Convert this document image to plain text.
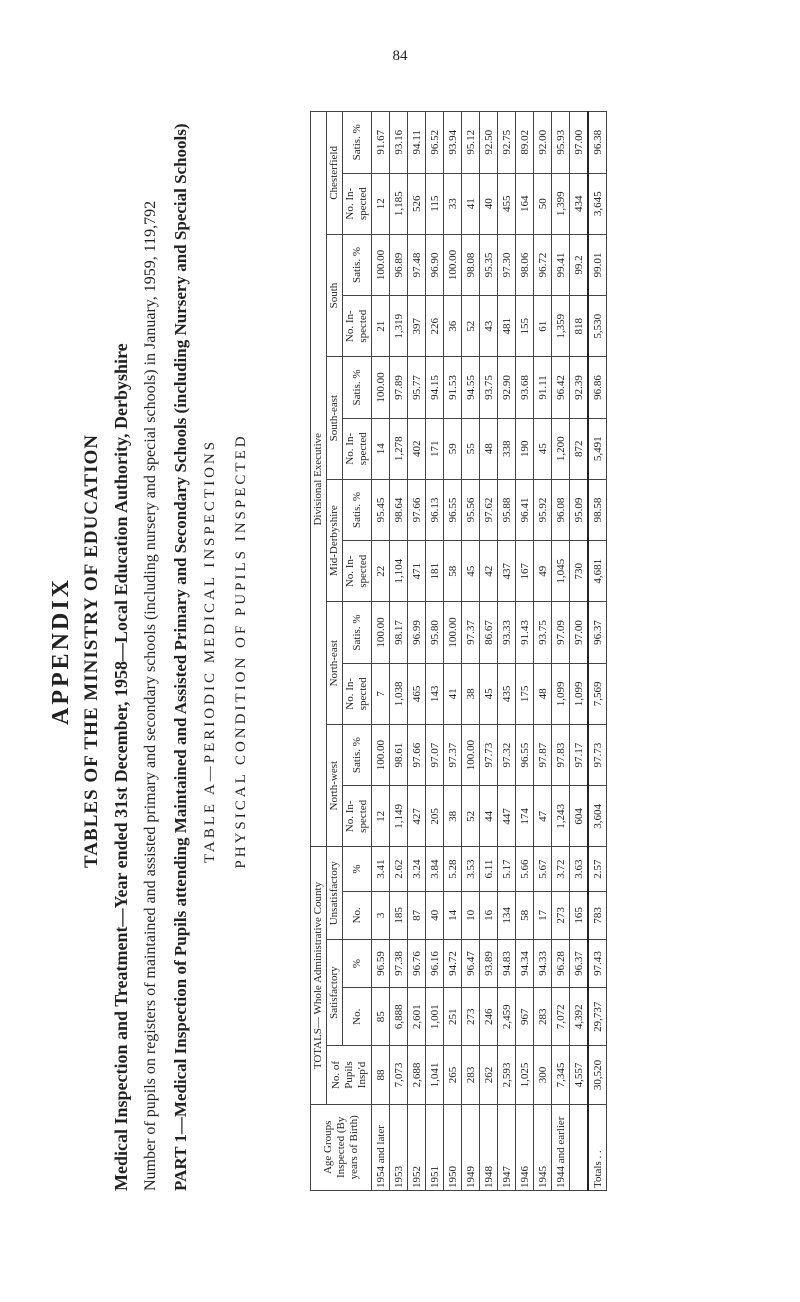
84
APPENDIX TABLES OF THE MINISTRY OF EDUCATION Medical Inspection and Treatment—Year ended 31st December, 1958—Local Education Authority, Derbyshire Number of pupils on registers of maintained and assisted primary and secondary schools (including nursery and special schools) in January, 1959, 119,792 PART 1—Medical Inspection of Pupils attending Maintained and Assisted Primary and Secondary Schools (including Nursery and Special Schools) TABLE A—PERIODIC MEDICAL INSPECTIONS PHYSICAL CONDITION OF PUPILS INSPECTED
Age Groups Inspected (By years of Birth)	TOTALS— Whole Administrative County					Divisional Executive											
	No. of Pupils Insp'd	Satisfactory		Unsatisfactory		North-west		North-east		Mid-Derbyshire		South-east		South		Chesterfield	
		No.	%	No.	%	No. In- spected	Satis. %	No. In- spected	Satis. %	No. In- spected	Satis. %	No. In- spected	Satis. %	No. In- spected	Satis. %	No. In- spected	Satis. %
1954 and later	88	85	96.59	3	3.41	12	100.00	7	100.00	22	95.45	14	100.00	21	100.00	12	91.67
1953	7,073	6,888	97.38	185	2.62	1,149	98.61	1,038	98.17	1,104	98.64	1,278	97.89	1,319	96.89	1,185	93.16
1952	2,688	2,601	96.76	87	3.24	427	97.66	465	96.99	471	97.66	402	95.77	397	97.48	526	94.11
1951	1,041	1,001	96.16	40	3.84	205	97.07	143	95.80	181	96.13	171	94.15	226	96.90	115	96.52
1950	265	251	94.72	14	5.28	38	97.37	41	100.00	58	96.55	59	91.53	36	100.00	33	93.94
1949	283	273	96.47	10	3.53	52	100.00	38	97.37	45	95.56	55	94.55	52	98.08	41	95.12
1948	262	246	93.89	16	6.11	44	97.73	45	86.67	42	97.62	48	93.75	43	95.35	40	92.50
1947	2,593	2,459	94.83	134	5.17	447	97.32	435	93.33	437	95.88	338	92.90	481	97.30	455	92.75
1946	1,025	967	94.34	58	5.66	174	96.55	175	91.43	167	96.41	190	93.68	155	98.06	164	89.02
1945	300	283	94.33	17	5.67	47	97.87	48	93.75	49	95.92	45	91.11	61	96.72	50	92.00
1944 and earlier	7,345	7,072	96.28	273	3.72	1,243	97.83	1,099	97.09	1,045	96.08	1,200	96.42	1,359	99.41	1,399	95.93
	4,557	4,392	96.37	165	3.63	604	97.17	1,099	97.00	730	95.09	872	92.39	818	99.2	434	97.00
Totals . .	30,520	29,737	97.43	783	2.57	3,604	97.73	7,569	96.37	4,681	98.58	5,491	96.86	5,530	99.01	3,645	96.38
